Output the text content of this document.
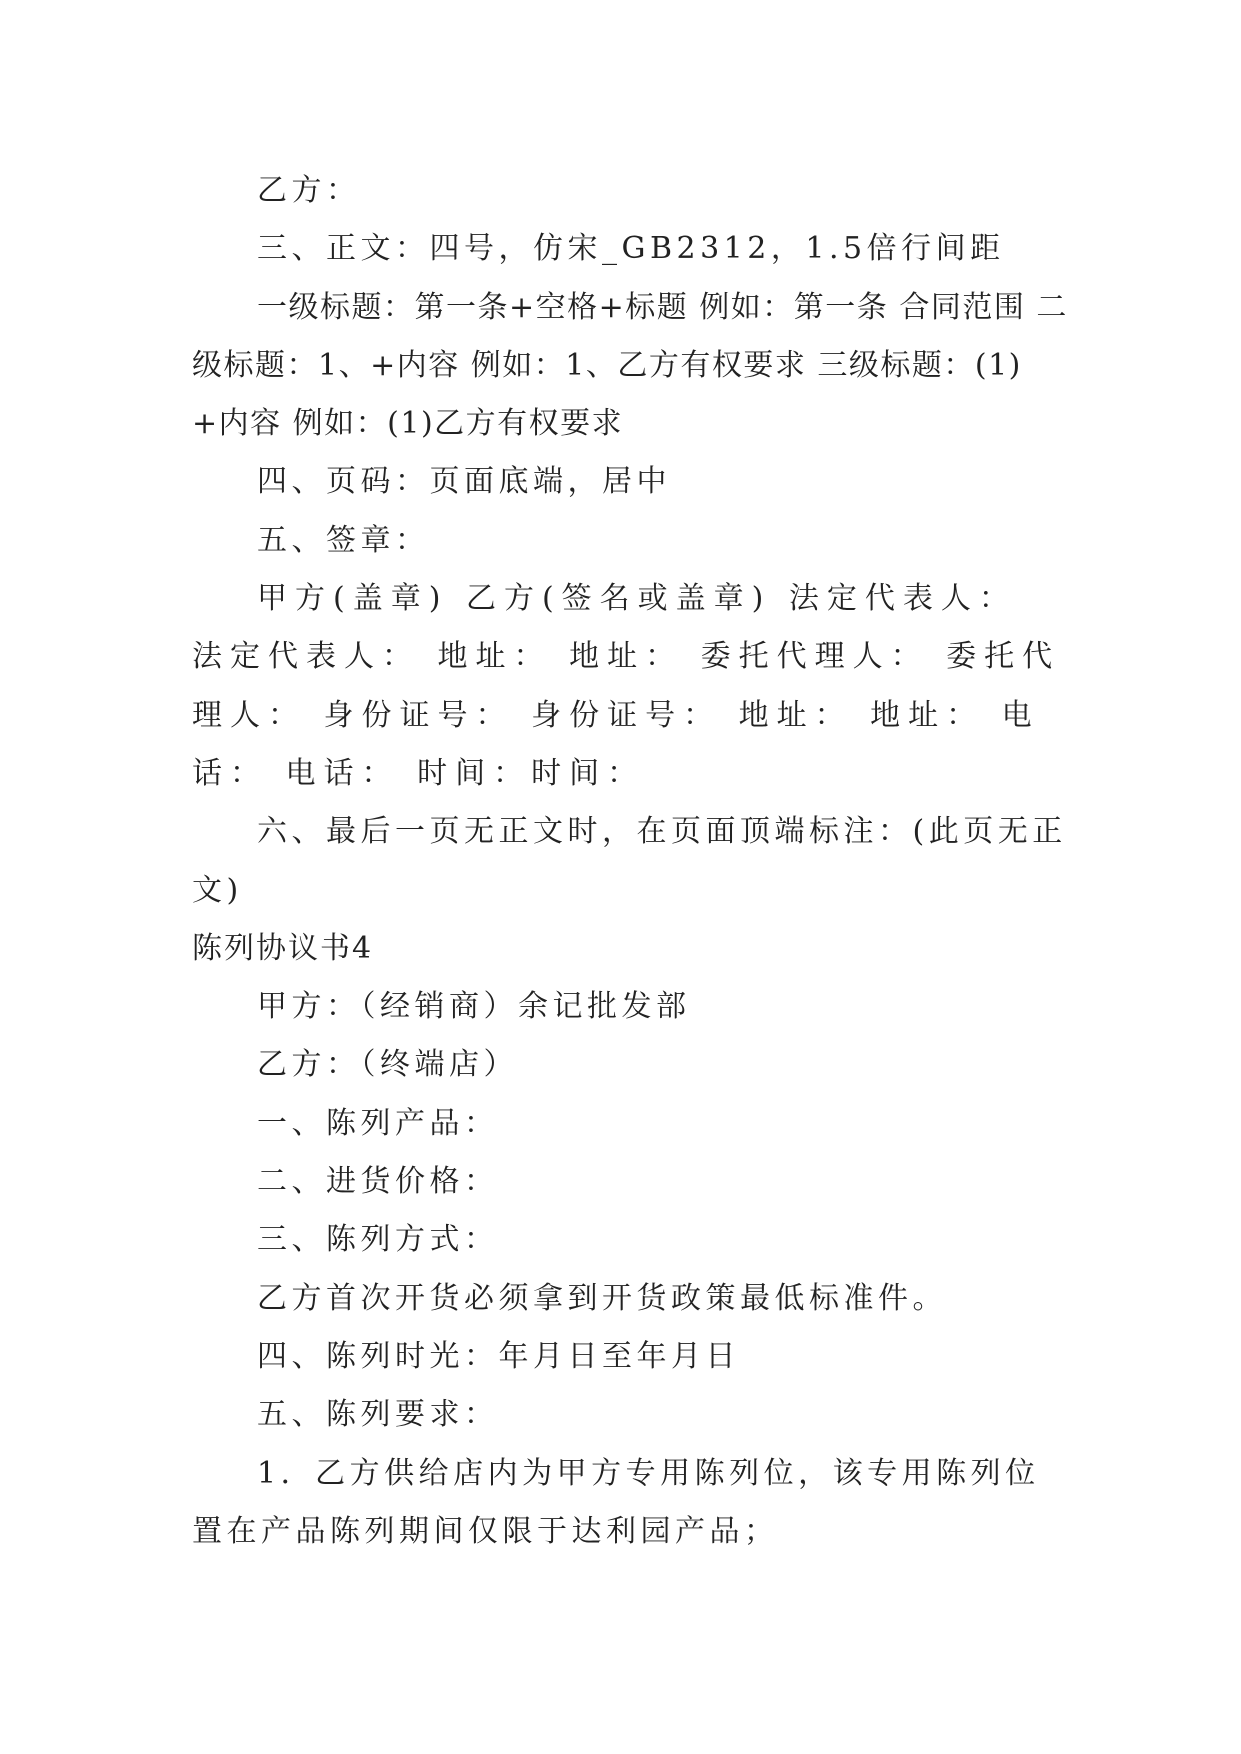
乙方：

三、正文：四号，仿宋_GB2312，1.5倍行间距

一级标题：第一条+空格+标题 例如：第一条 合同范围 二级标题：1、+内容 例如：1、乙方有权要求 三级标题：(1)+内容 例如：(1)乙方有权要求

四、页码：页面底端，居中

五、签章：

甲方(盖章) 乙方(签名或盖章) 法定代表人： 法定代表人： 地址： 地址： 委托代理人： 委托代理人： 身份证号： 身份证号： 地址： 地址： 电话： 电话： 时间：时间：

六、最后一页无正文时，在页面顶端标注：(此页无正文)

陈列协议书4

甲方：（经销商）余记批发部

乙方：（终端店）

一、陈列产品：

二、进货价格：

三、陈列方式：

乙方首次开货必须拿到开货政策最低标准件。

四、陈列时光：年月日至年月日

五、陈列要求：

1．乙方供给店内为甲方专用陈列位，该专用陈列位置在产品陈列期间仅限于达利园产品；
